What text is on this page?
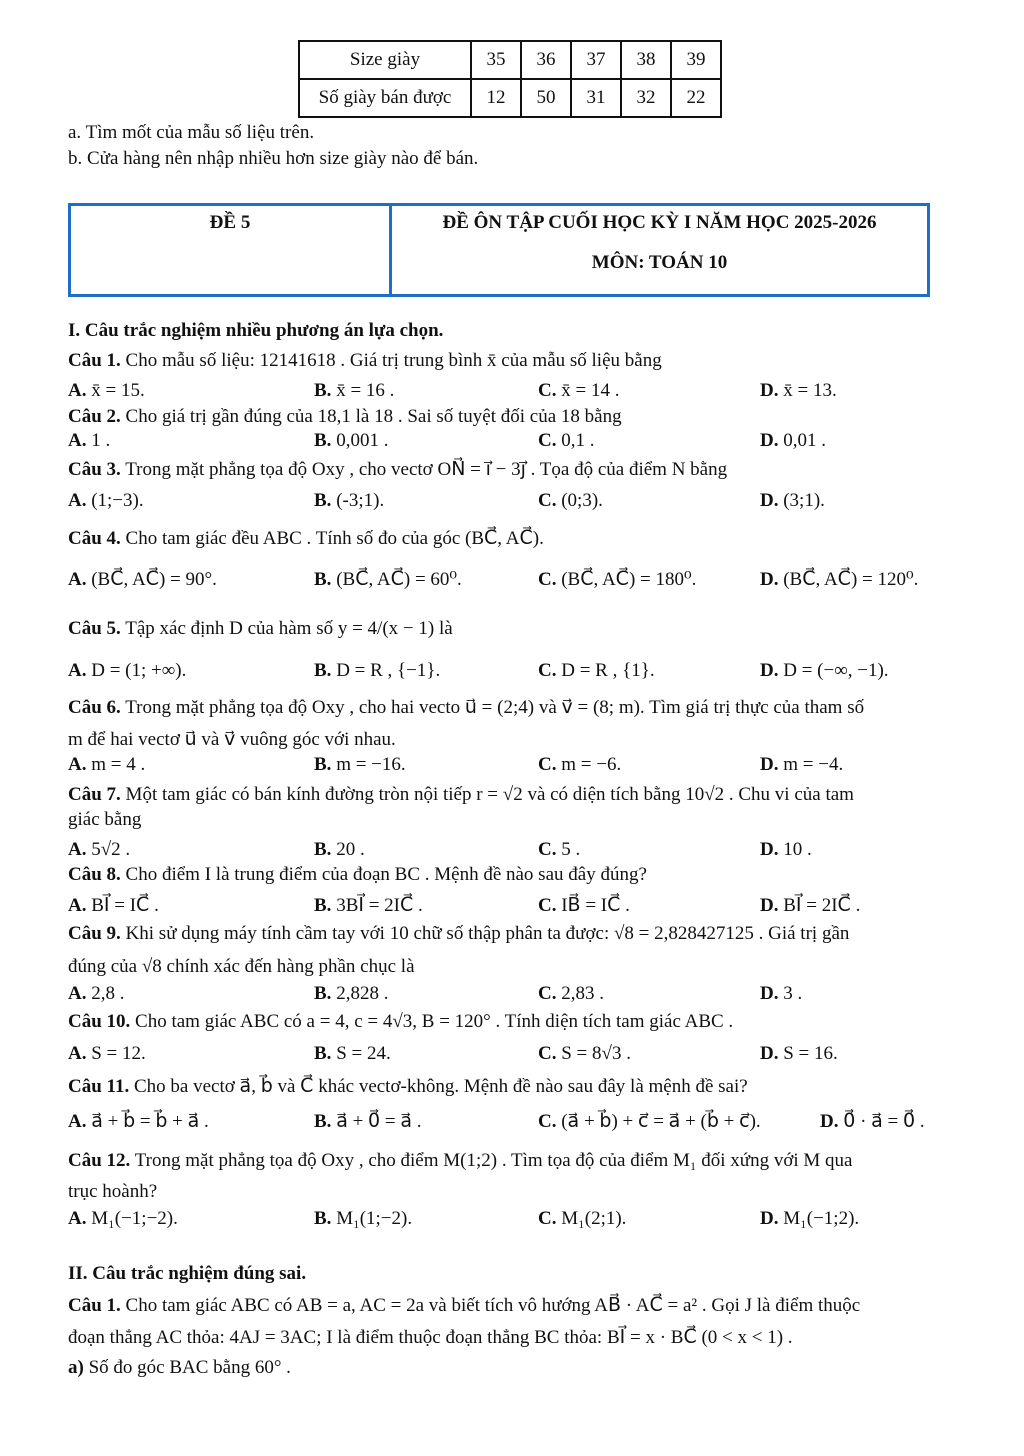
Size giày	35	36	37	38	39
Số giày bán được	12	50	31	32	22
a. Tìm mốt của mẫu số liệu trên.
b. Cửa hàng nên nhập nhiều hơn size giày nào để bán.
ĐỀ 5	ĐỀ ÔN TẬP CUỐI HỌC KỲ I NĂM HỌC 2025-2026
MÔN: TOÁN 10
I. Câu trắc nghiệm nhiều phương án lựa chọn.
Câu 1. Cho mẫu số liệu: 12141618 . Giá trị trung bình x̄ của mẫu số liệu bằng
A. x̄ = 15.	B. x̄ = 16 .	C. x̄ = 14 .	D. x̄ = 13.
Câu 2. Cho giá trị gần đúng của 18,1 là 18 . Sai số tuyệt đối của 18 bằng
A. 1 .	B. 0,001 .	C. 0,1 .	D. 0,01 .
Câu 3. Trong mặt phẳng tọa độ Oxy , cho vectơ ON⃗ = i⃗ − 3j⃗ . Tọa độ của điểm N bằng
A. (1;−3).	B. (-3;1).	C. (0;3).	D. (3;1).
Câu 4. Cho tam giác đều ABC . Tính số đo của góc (BC⃗, AC⃗).
A. (BC⃗, AC⃗) = 90°.	B. (BC⃗, AC⃗) = 60⁰.	C. (BC⃗, AC⃗) = 180⁰.	D. (BC⃗, AC⃗) = 120⁰.
Câu 5. Tập xác định D của hàm số y = 4/(x − 1) là
A. D = (1; +∞).	B. D = R , {−1}.	C. D = R , {1}.	D. D = (−∞, −1).
Câu 6. Trong mặt phẳng tọa độ Oxy , cho hai vecto u⃗ = (2;4) và v⃗ = (8; m). Tìm giá trị thực của tham số
m để hai vectơ u⃗ và v⃗ vuông góc với nhau.
A. m = 4 .	B. m = −16.	C. m = −6.	D. m = −4.
Câu 7. Một tam giác có bán kính đường tròn nội tiếp r = √2 và có diện tích bằng 10√2 . Chu vi của tam
giác bằng
A. 5√2 .	B. 20 .	C. 5 .	D. 10 .
Câu 8. Cho điểm I là trung điểm của đoạn BC . Mệnh đề nào sau đây đúng?
A. BI⃗ = IC⃗ .	B. 3BI⃗ = 2IC⃗ .	C. IB⃗ = IC⃗ .	D. BI⃗ = 2IC⃗ .
Câu 9. Khi sử dụng máy tính cầm tay với 10 chữ số thập phân ta được: √8 = 2,828427125 . Giá trị gần
đúng của √8 chính xác đến hàng phần chục là
A. 2,8 .	B. 2,828 .	C. 2,83 .	D. 3 .
Câu 10. Cho tam giác ABC có a = 4, c = 4√3, B = 120° . Tính diện tích tam giác ABC .
A. S = 12.	B. S = 24.	C. S = 8√3 .	D. S = 16.
Câu 11. Cho ba vectơ a⃗, b⃗ và C⃗ khác vectơ-không. Mệnh đề nào sau đây là mệnh đề sai?
A. a⃗ + b⃗ = b⃗ + a⃗ .	B. a⃗ + 0⃗ = a⃗ .	C. (a⃗ + b⃗) + c⃗ = a⃗ + (b⃗ + c⃗).	D. 0⃗ · a⃗ = 0⃗ .
Câu 12. Trong mặt phẳng tọa độ Oxy , cho điểm M(1;2) . Tìm tọa độ của điểm M₁ đối xứng với M qua
trục hoành?
A. M₁(−1;−2).	B. M₁(1;−2).	C. M₁(2;1).	D. M₁(−1;2).
II. Câu trắc nghiệm đúng sai.
Câu 1. Cho tam giác ABC có AB = a, AC = 2a và biết tích vô hướng AB⃗ · AC⃗ = a² . Gọi J là điểm thuộc
đoạn thẳng AC thỏa: 4AJ = 3AC; I là điểm thuộc đoạn thẳng BC thỏa: BI⃗ = x · BC⃗ (0 < x < 1) .
a) Số đo góc BAC bằng 60° .
